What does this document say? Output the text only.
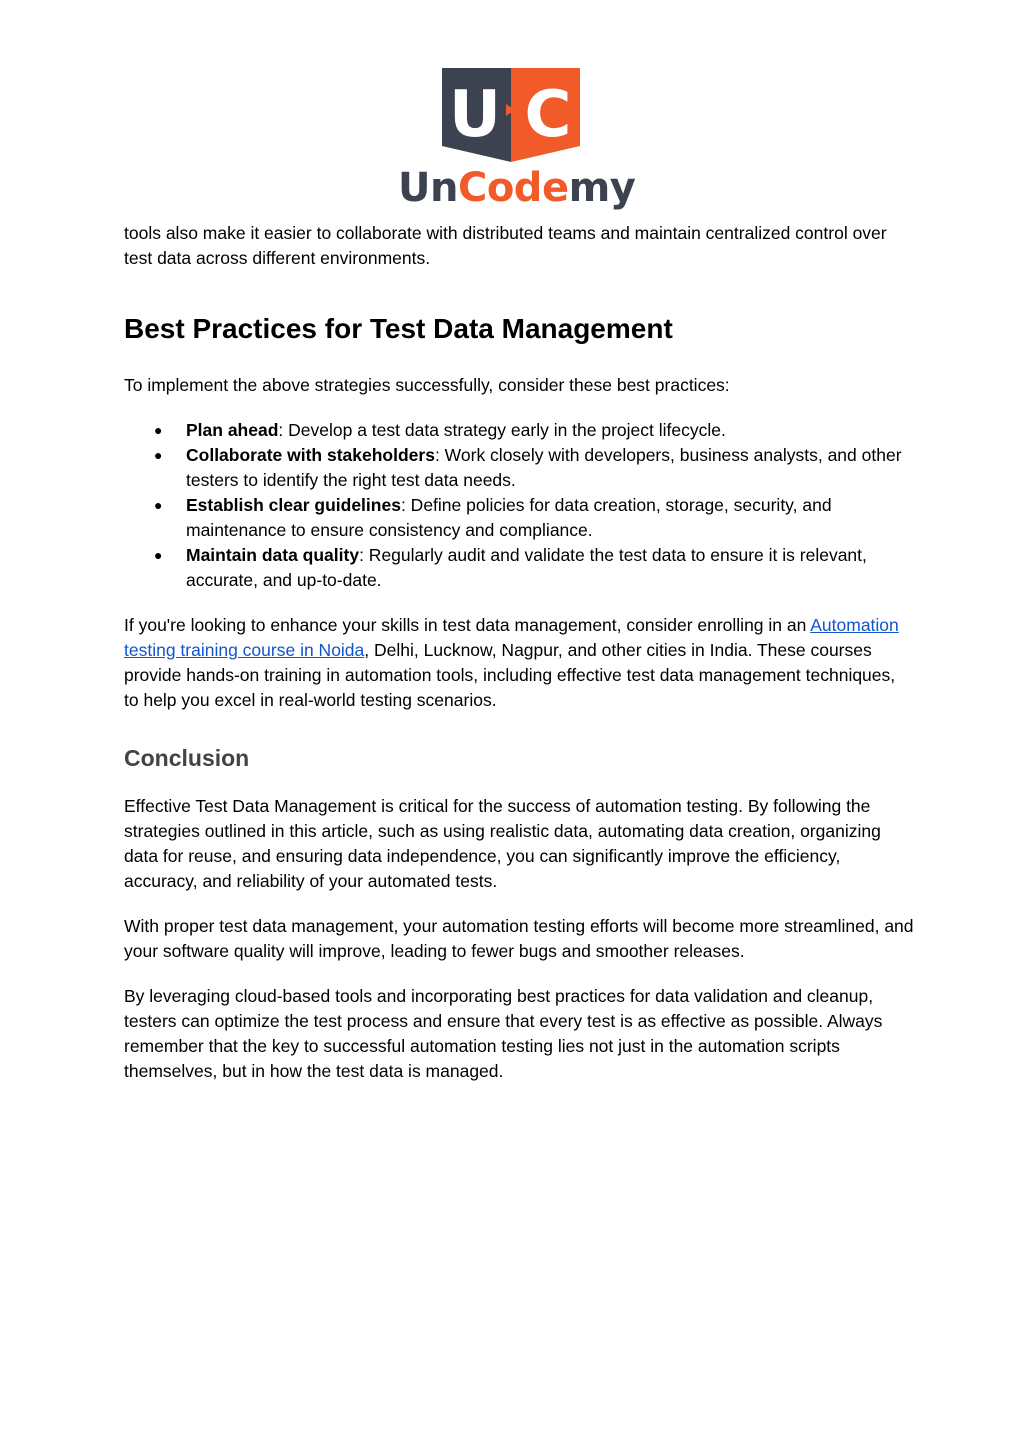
U C
UnCodemy

tools also make it easier to collaborate with distributed teams and maintain centralized control over test data across different environments.

Best Practices for Test Data Management

To implement the above strategies successfully, consider these best practices:

● Plan ahead: Develop a test data strategy early in the project lifecycle.
● Collaborate with stakeholders: Work closely with developers, business analysts, and other testers to identify the right test data needs.
● Establish clear guidelines: Define policies for data creation, storage, security, and maintenance to ensure consistency and compliance.
● Maintain data quality: Regularly audit and validate the test data to ensure it is relevant, accurate, and up-to-date.

If you're looking to enhance your skills in test data management, consider enrolling in an Automation testing training course in Noida, Delhi, Lucknow, Nagpur, and other cities in India. These courses provide hands-on training in automation tools, including effective test data management techniques, to help you excel in real-world testing scenarios.

Conclusion

Effective Test Data Management is critical for the success of automation testing. By following the strategies outlined in this article, such as using realistic data, automating data creation, organizing data for reuse, and ensuring data independence, you can significantly improve the efficiency, accuracy, and reliability of your automated tests.

With proper test data management, your automation testing efforts will become more streamlined, and your software quality will improve, leading to fewer bugs and smoother releases.

By leveraging cloud-based tools and incorporating best practices for data validation and cleanup, testers can optimize the test process and ensure that every test is as effective as possible. Always remember that the key to successful automation testing lies not just in the automation scripts themselves, but in how the test data is managed.
